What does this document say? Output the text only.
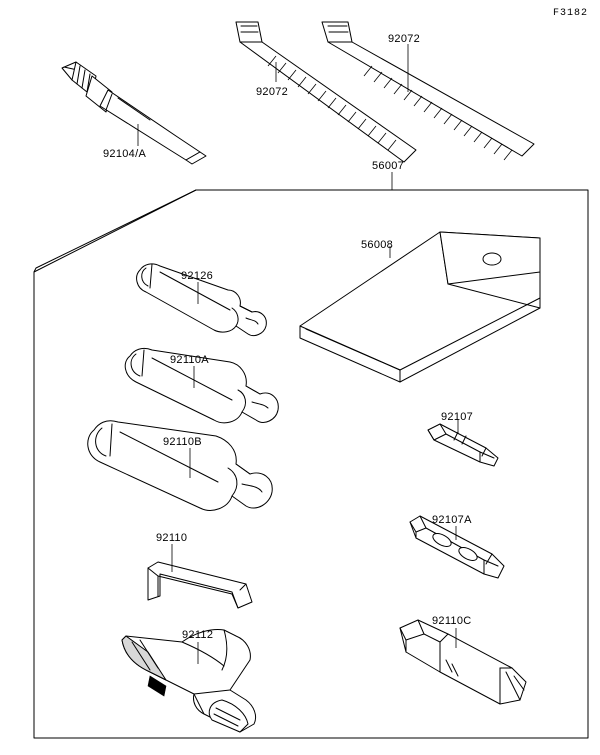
F3182
92104/A
92072
92072
56007
56008
92126
92110A
92110B
92110
92112
92107
92107A
92110C
